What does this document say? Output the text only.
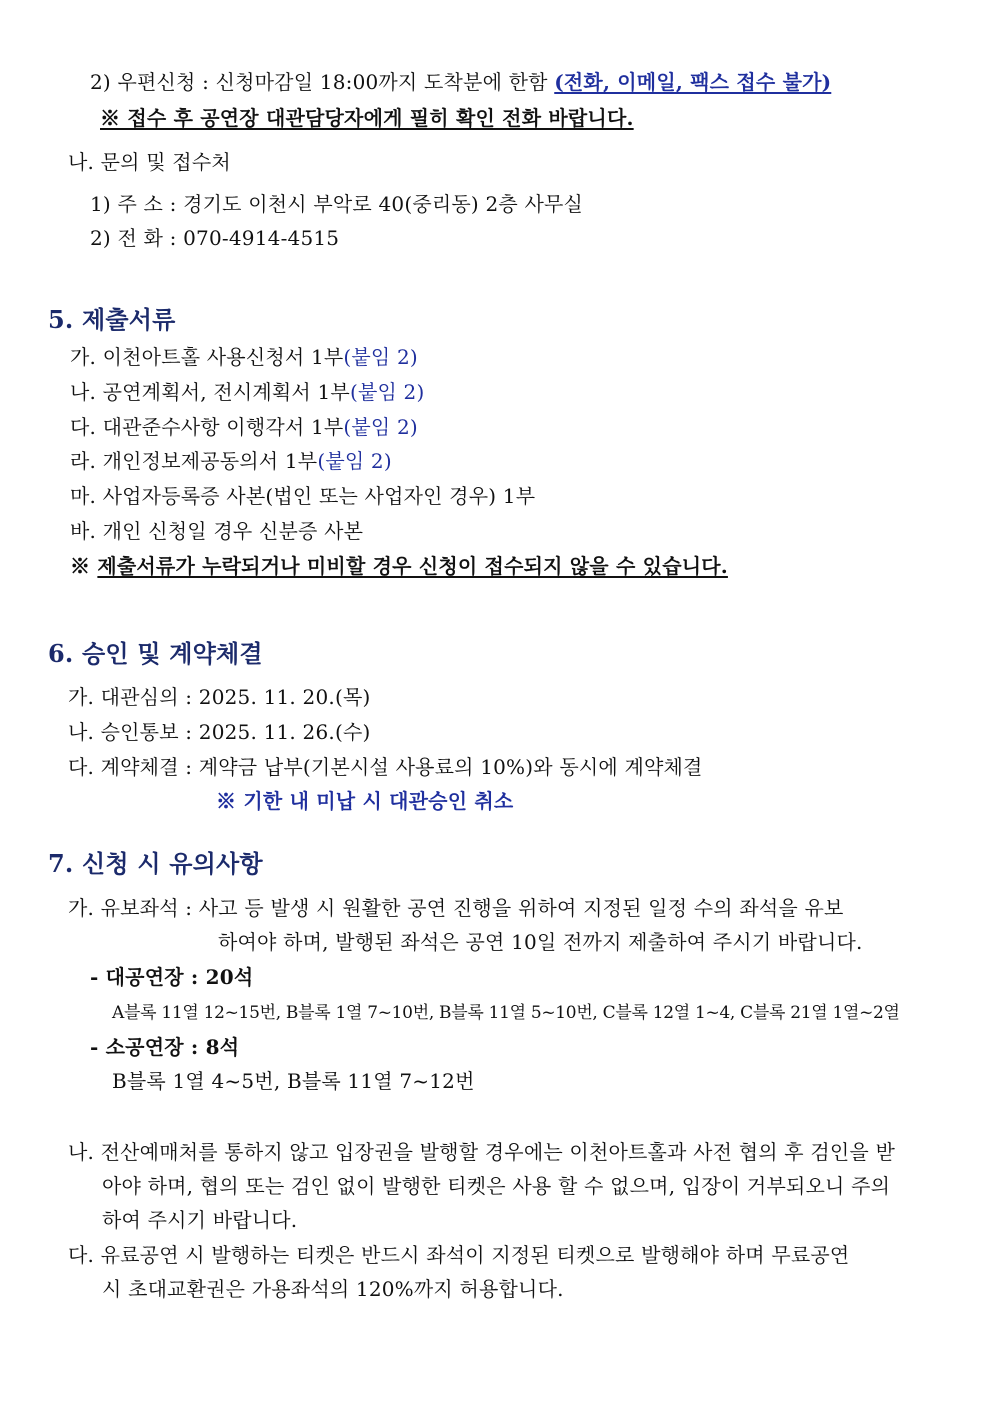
2) 우편신청 : 신청마감일 18:00까지 도착분에 한함 (전화, 이메일, 팩스 접수 불가)
※ 접수 후 공연장 대관담당자에게 필히 확인 전화 바랍니다.
나. 문의 및 접수처
1) 주 소 : 경기도 이천시 부악로 40(중리동) 2층 사무실
2) 전 화 : 070-4914-4515
5. 제출서류
가. 이천아트홀 사용신청서 1부(붙임 2)
나. 공연계획서, 전시계획서 1부(붙임 2)
다. 대관준수사항 이행각서 1부(붙임 2)
라. 개인정보제공동의서 1부(붙임 2)
마. 사업자등록증 사본(법인 또는 사업자인 경우) 1부
바. 개인 신청일 경우 신분증 사본
※ 제출서류가 누락되거나 미비할 경우 신청이 접수되지 않을 수 있습니다.
6. 승인 및 계약체결
가. 대관심의 : 2025. 11. 20.(목)
나. 승인통보 : 2025. 11. 26.(수)
다. 계약체결 : 계약금 납부(기본시설 사용료의 10%)와 동시에 계약체결
※ 기한 내 미납 시 대관승인 취소
7. 신청 시 유의사항
가. 유보좌석 : 사고 등 발생 시 원활한 공연 진행을 위하여 지정된 일정 수의 좌석을 유보
하여야 하며, 발행된 좌석은 공연 10일 전까지 제출하여 주시기 바랍니다.
- 대공연장 : 20석
A블록 11열 12~15번, B블록 1열 7~10번, B블록 11열 5~10번, C블록 12열 1~4, C블록 21열 1열~2열
- 소공연장 : 8석
B블록 1열 4~5번, B블록 11열 7~12번
나. 전산예매처를 통하지 않고 입장권을 발행할 경우에는 이천아트홀과 사전 협의 후 검인을 받
아야 하며, 협의 또는 검인 없이 발행한 티켓은 사용 할 수 없으며, 입장이 거부되오니 주의
하여 주시기 바랍니다.
다. 유료공연 시 발행하는 티켓은 반드시 좌석이 지정된 티켓으로 발행해야 하며 무료공연
시 초대교환권은 가용좌석의 120%까지 허용합니다.
